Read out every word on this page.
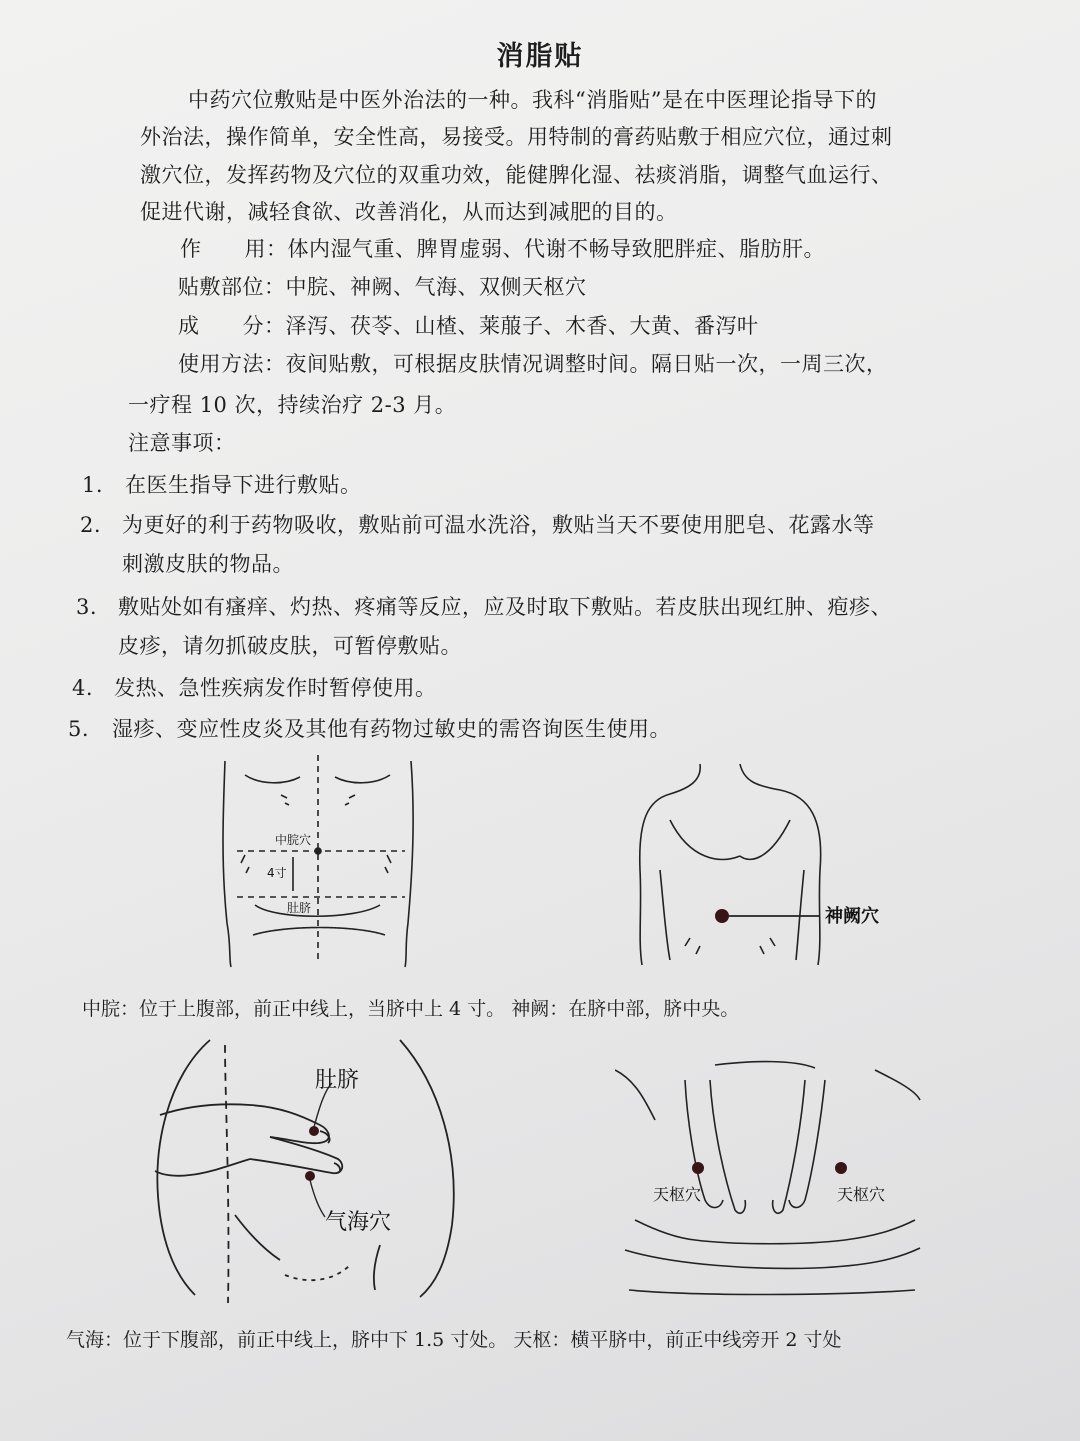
消脂贴
中药穴位敷贴是中医外治法的一种。我科“消脂贴”是在中医理论指导下的
外治法，操作简单，安全性高，易接受。用特制的膏药贴敷于相应穴位，通过刺
激穴位，发挥药物及穴位的双重功效，能健脾化湿、祛痰消脂，调整气血运行、
促进代谢，减轻食欲、改善消化，从而达到减肥的目的。
作　　用：体内湿气重、脾胃虚弱、代谢不畅导致肥胖症、脂肪肝。
贴敷部位：中脘、神阙、气海、双侧天枢穴
成　　分：泽泻、茯苓、山楂、莱菔子、木香、大黄、番泻叶
使用方法：夜间贴敷，可根据皮肤情况调整时间。隔日贴一次，一周三次，
一疗程 10 次，持续治疗 2-3 月。
注意事项：
1. 在医生指导下进行敷贴。
2. 为更好的利于药物吸收，敷贴前可温水洗浴，敷贴当天不要使用肥皂、花露水等
刺激皮肤的物品。
3. 敷贴处如有瘙痒、灼热、疼痛等反应，应及时取下敷贴。若皮肤出现红肿、疱疹、
皮疹，请勿抓破皮肤，可暂停敷贴。
4. 发热、急性疾病发作时暂停使用。
5. 湿疹、变应性皮炎及其他有药物过敏史的需咨询医生使用。
中脘穴
4寸
肚脐	神阙穴
中脘：位于上腹部，前正中线上，当脐中上 4 寸。 神阙：在脐中部，脐中央。
肚脐
气海穴
天枢穴	天枢穴
气海：位于下腹部，前正中线上，脐中下 1.5 寸处。 天枢：横平脐中，前正中线旁开 2 寸处
